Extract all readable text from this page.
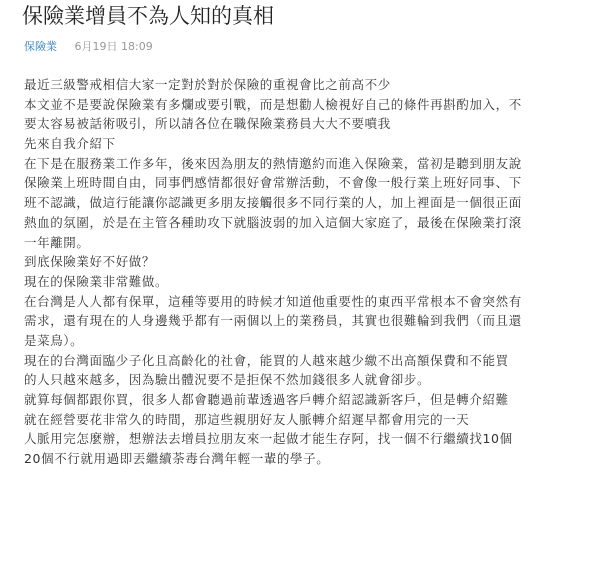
保險業增員不為人知的真相
保險業 6月19日 18:09
最近三級警戒相信大家一定對於對於保險的重視會比之前高不少
本文並不是要說保險業有多爛或要引戰，而是想勸人檢視好自己的條件再斟酌加入，不
要太容易被話術吸引，所以請各位在職保險業務員大大不要噴我
先來自我介紹下
在下是在服務業工作多年，後來因為朋友的熱情邀約而進入保險業，當初是聽到朋友說
保險業上班時間自由，同事們感情都很好會常辦活動，不會像一般行業上班好同事、下
班不認識，做這行能讓你認識更多朋友接觸很多不同行業的人，加上裡面是一個很正面
熱血的氛圍，於是在主管各種助攻下就腦波弱的加入這個大家庭了，最後在保險業打滾
一年離開。
到底保險業好不好做？
現在的保險業非常難做。
在台灣是人人都有保單，這種等要用的時候才知道他重要性的東西平常根本不會突然有
需求，還有現在的人身邊幾乎都有一兩個以上的業務員，其實也很難輪到我們（而且還
是菜鳥）。
現在的台灣面臨少子化且高齡化的社會，能買的人越來越少繳不出高額保費和不能買
的人只越來越多，因為驗出體況要不是拒保不然加錢很多人就會卻步。
就算每個都跟你買，很多人都會聽過前輩透過客戶轉介紹認識新客戶，但是轉介紹難
就在經營要花非常久的時間，那這些親朋好友人脈轉介紹遲早都會用完的一天
人脈用完怎麼辦，想辦法去增員拉朋友來一起做才能生存阿，找一個不行繼續找10個
20個不行就用過即丟繼續荼毒台灣年輕一輩的學子。
